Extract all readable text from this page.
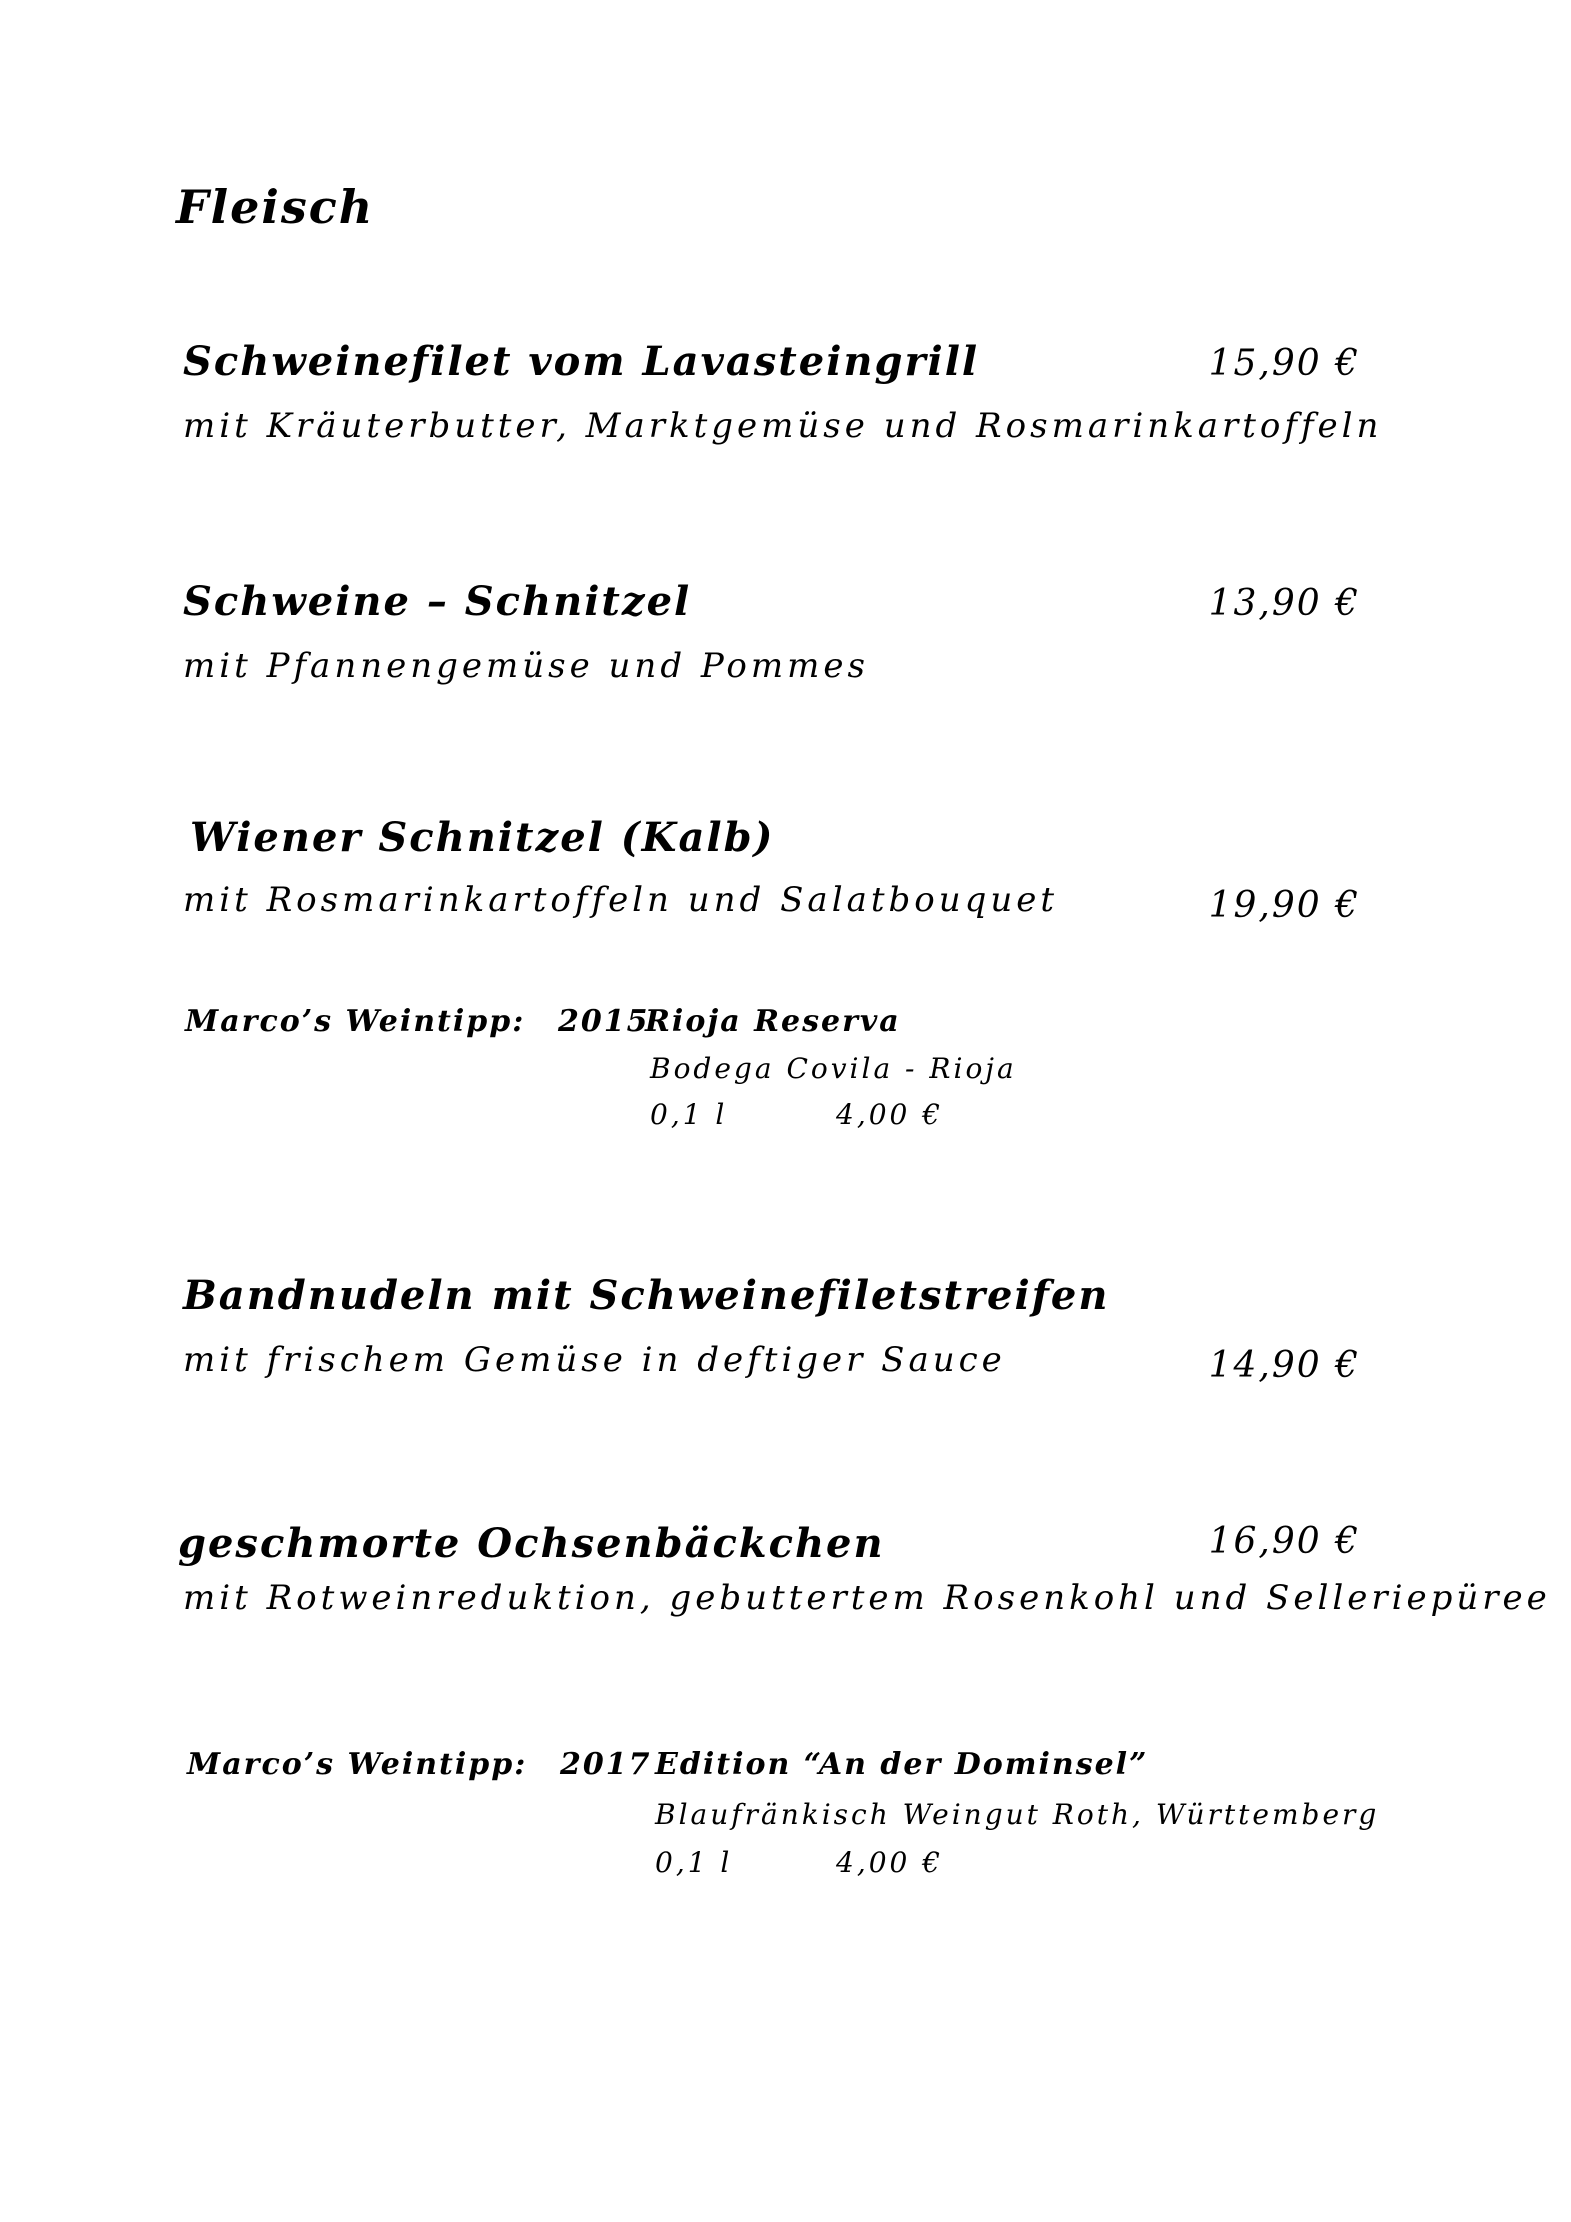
Fleisch
Schweinefilet vom Lavasteingrill	15,90 €
mit Kräuterbutter, Marktgemüse und Rosmarinkartoffeln
Schweine – Schnitzel	13,90 €
mit Pfannengemüse und Pommes
Wiener Schnitzel (Kalb)
mit Rosmarinkartoffeln und Salatbouquet	19,90 €
Marco’s Weintipp: 2015
Rioja Reserva
Bodega Covila - Rioja
0,1 l	4,00 €
Bandnudeln mit Schweinefiletstreifen
mit frischem Gemüse in deftiger Sauce	14,90 €
geschmorte Ochsenbäckchen	16,90 €
mit Rotweinreduktion, gebuttertem Rosenkohl und Selleriepüree
Marco’s Weintipp: 2017 Edition “An der Dominsel”
Blaufränkisch Weingut Roth, Württemberg
0,1 l	4,00 €
